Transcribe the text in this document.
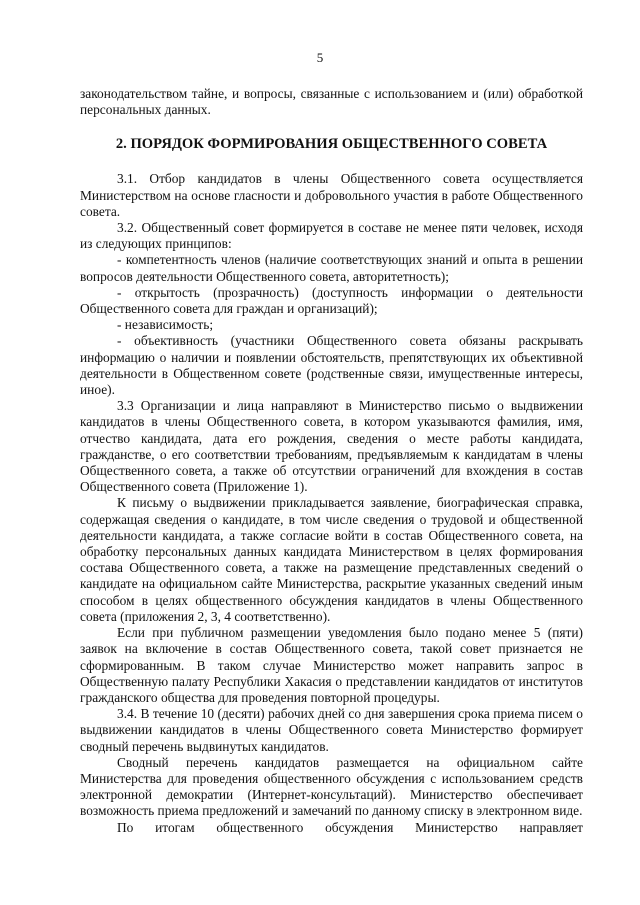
5

законодательством тайне, и вопросы, связанные с использованием и (или) обработкой персональных данных.

2. ПОРЯДОК ФОРМИРОВАНИЯ ОБЩЕСТВЕННОГО СОВЕТА

3.1. Отбор кандидатов в члены Общественного совета осуществляется Министерством на основе гласности и добровольного участия в работе Общественного совета.

3.2. Общественный совет формируется в составе не менее пяти человек, исходя из следующих принципов:

- компетентность членов (наличие соответствующих знаний и опыта в решении вопросов деятельности Общественного совета, авторитетность);

- открытость (прозрачность) (доступность информации о деятельности Общественного совета для граждан и организаций);

- независимость;

- объективность (участники Общественного совета обязаны раскрывать информацию о наличии и появлении обстоятельств, препятствующих их объективной деятельности в Общественном совете (родственные связи, имущественные интересы, иное).

3.3 Организации и лица направляют в Министерство письмо о выдвижении кандидатов в члены Общественного совета, в котором указываются фамилия, имя, отчество кандидата, дата его рождения, сведения о месте работы кандидата, гражданстве, о его соответствии требованиям, предъявляемым к кандидатам в члены Общественного совета, а также об отсутствии ограничений для вхождения в состав Общественного совета (Приложение 1).

К письму о выдвижении прикладывается заявление, биографическая справка, содержащая сведения о кандидате, в том числе сведения о трудовой и общественной деятельности кандидата, а также согласие войти в состав Общественного совета, на обработку персональных данных кандидата Министерством в целях формирования состава Общественного совета, а также на размещение представленных сведений о кандидате на официальном сайте Министерства, раскрытие указанных сведений иным способом в целях общественного обсуждения кандидатов в члены Общественного совета (приложения 2, 3, 4 соответственно).

Если при публичном размещении уведомления было подано менее 5 (пяти) заявок на включение в состав Общественного совета, такой совет признается не сформированным. В таком случае Министерство может направить запрос в Общественную палату Республики Хакасия о представлении кандидатов от институтов гражданского общества для проведения повторной процедуры.

3.4. В течение 10 (десяти) рабочих дней со дня завершения срока приема писем о выдвижении кандидатов в члены Общественного совета Министерство формирует сводный перечень выдвинутых кандидатов.

Сводный перечень кандидатов размещается на официальном сайте Министерства для проведения общественного обсуждения с использованием средств электронной демократии (Интернет-консультаций). Министерство обеспечивает возможность приема предложений и замечаний по данному списку в электронном виде.

По итогам общественного обсуждения Министерство направляет
